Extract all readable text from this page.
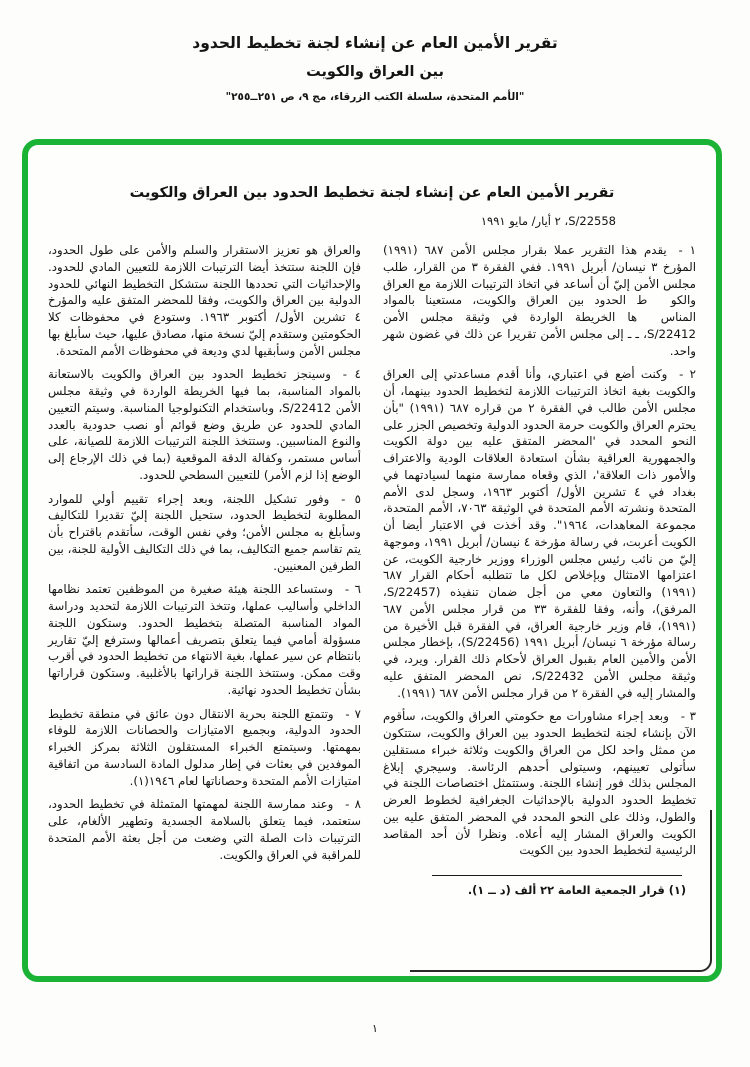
تقرير الأمين العام عن إنشاء لجنة تخطيط الحدود
بين العراق والكويت
"الأمم المتحدة، سلسلة الكتب الزرقاء، مج ٩، ص ٢٥١ــ٢٥٥"
تقرير الأمين العام عن إنشاء لجنة تخطيط الحدود بين العراق والكويت
S/22558، ٢ أيار/ مايو ١٩٩١

١ - يقدم هذا التقرير عملا بقرار مجلس الأمن ٦٨٧ (١٩٩١) المؤرخ ٣ نيسان/ أبريل ١٩٩١. ففي الفقرة ٣ من القرار، طلب مجلس الأمن إليّ أن أساعد في اتخاذ الترتيبات اللازمة مع العراق والكو  ط الحدود بين العراق والكويت، مستعينا بالمواد المناس  ها الخريطة الواردة في وثيقة مجلس الأمن S/22412، ـ ـ إلى مجلس الأمن تقريرا عن ذلك في غضون شهر واحد.

٢ - وكنت أضع في اعتباري، وأنا أقدم مساعدتي إلى العراق والكويت بغية اتخاذ الترتيبات اللازمة لتخطيط الحدود بينهما، أن مجلس الأمن طالب في الفقرة ٢ من قراره ٦٨٧ (١٩٩١) "بأن يحترم العراق والكويت حرمة الحدود الدولية وتخصيص الجزر على النحو المحدد في 'المحضر المتفق عليه بين دولة الكويت والجمهورية العراقية بشأن استعادة العلاقات الودية والاعتراف والأمور ذات العلاقة'، الذي وقعاه ممارسة منهما لسيادتهما في بغداد في ٤ تشرين الأول/ أكتوبر ١٩٦٣، وسجل لدى الأمم المتحدة ونشرته الأمم المتحدة في الوثيقة ٧٠٦٣، الأمم المتحدة، مجموعة المعاهدات، ١٩٦٤". وقد أخذت في الاعتبار أيضا أن الكويت أعربت، في رسالة مؤرخة ٤ نيسان/ أبريل ١٩٩١، وموجهة إليّ من نائب رئيس مجلس الوزراء ووزير خارجية الكويت، عن اعتزامها الامتثال وبإخلاص لكل ما تتطلبه أحكام القرار ٦٨٧ (١٩٩١) والتعاون معي من أجل ضمان تنفيذه (S/22457، المرفق)، وأنه، وفقا للفقرة ٣٣ من قرار مجلس الأمن ٦٨٧ (١٩٩١)، قام وزير خارجية العراق، في الفقرة قبل الأخيرة من رسالة مؤرخة ٦ نيسان/ أبريل ١٩٩١ (S/22456)، بإخطار مجلس الأمن والأمين العام بقبول العراق لأحكام ذلك القرار. ويرد، في وثيقة مجلس الأمن S/22432، نص المحضر المتفق عليه والمشار إليه في الفقرة ٢ من قرار مجلس الأمن ٦٨٧ (١٩٩١).

٣ - وبعد إجراء مشاورات مع حكومتي العراق والكويت، سأقوم الآن بإنشاء لجنة لتخطيط الحدود بين العراق والكويت، ستتكون من ممثل واحد لكل من العراق والكويت وثلاثة خبراء مستقلين سأتولى تعيينهم، وسيتولى أحدهم الرئاسة. وسيجري إبلاغ المجلس بذلك فور إنشاء اللجنة. وستتمثل اختصاصات اللجنة في تخطيط الحدود الدولية بالإحداثيات الجغرافية لخطوط العرض والطول، وذلك على النحو المحدد في المحضر المتفق عليه بين الكويت والعراق المشار إليه أعلاه. ونظرا لأن أحد المقاصد الرئيسية لتخطيط الحدود بين الكويت

(١) قرار الجمعية العامة ٢٢ ألف (د ــ ١).

والعراق هو تعزيز الاستقرار والسلم والأمن على طول الحدود، فإن اللجنة ستتخذ أيضا الترتيبات اللازمة للتعيين المادي للحدود. والإحداثيات التي تحددها اللجنة ستشكل التخطيط النهائي للحدود الدولية بين العراق والكويت، وفقا للمحضر المتفق عليه والمؤرخ ٤ تشرين الأول/ أكتوبر ١٩٦٣. وستودع في محفوظات كلا الحكومتين وستقدم إليّ نسخة منها، مصادق عليها، حيث سأبلغ بها مجلس الأمن وسأبقيها لدي وديعة في محفوظات الأمم المتحدة.

٤ - وسينجز تخطيط الحدود بين العراق والكويت بالاستعانة بالمواد المناسبة، بما فيها الخريطة الواردة في وثيقة مجلس الأمن S/22412، وباستخدام التكنولوجيا المناسبة. وسيتم التعيين المادي للحدود عن طريق وضع قوائم أو نصب حدودية بالعدد والنوع المناسبين. وستتخذ اللجنة الترتيبات اللازمة للصيانة، على أساس مستمر، وكفالة الدقة الموقعية (بما في ذلك الإرجاع إلى الوضع إذا لزم الأمر) للتعيين السطحي للحدود.

٥ - وفور تشكيل اللجنة، وبعد إجراء تقييم أولي للموارد المطلوبة لتخطيط الحدود، ستحيل اللجنة إليّ تقديرا للتكاليف وسأبلغ به مجلس الأمن؛ وفي نفس الوقت، سأتقدم باقتراح بأن يتم تقاسم جميع التكاليف، بما في ذلك التكاليف الأولية للجنة، بين الطرفين المعنيين.

٦ - وستساعد اللجنة هيئة صغيرة من الموظفين تعتمد نظامها الداخلي وأساليب عملها، وتتخذ الترتيبات اللازمة لتحديد ودراسة المواد المناسبة المتصلة بتخطيط الحدود. وستكون اللجنة مسؤولة أمامي فيما يتعلق بتصريف أعمالها وسترفع إليّ تقارير بانتظام عن سير عملها، بغية الانتهاء من تخطيط الحدود في أقرب وقت ممكن. وستتخذ اللجنة قراراتها بالأغلبية. وستكون قراراتها بشأن تخطيط الحدود نهائية.

٧ - وتتمتع اللجنة بحرية الانتقال دون عائق في منطقة تخطيط الحدود الدولية، وبجميع الامتيازات والحصانات اللازمة للوفاء بمهمتها. وسيتمتع الخبراء المستقلون الثلاثة بمركز الخبراء الموفدين في بعثات في إطار مدلول المادة السادسة من اتفاقية امتيازات الأمم المتحدة وحصاناتها لعام ١٩٤٦(١).

٨ - وعند ممارسة اللجنة لمهمتها المتمثلة في تخطيط الحدود، ستعتمد، فيما يتعلق بالسلامة الجسدية وتطهير الألغام، على الترتيبات ذات الصلة التي وضعت من أجل بعثة الأمم المتحدة للمراقبة في العراق والكويت.

١
